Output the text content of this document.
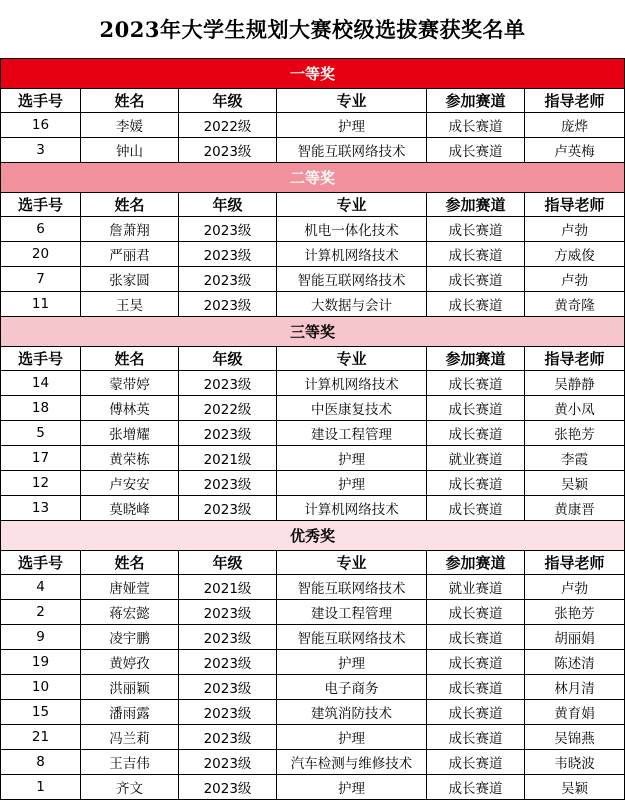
2023年大学生规划大赛校级选拔赛获奖名单
一等奖					
选手号	姓名	年级	专业	参加赛道	指导老师
16	李媛	2022级	护理	成长赛道	庞烨
3	钟山	2023级	智能互联网络技术	成长赛道	卢英梅
二等奖					
选手号	姓名	年级	专业	参加赛道	指导老师
6	詹萧翔	2023级	机电一体化技术	成长赛道	卢勃
20	严丽君	2023级	计算机网络技术	成长赛道	方威俊
7	张家圆	2023级	智能互联网络技术	成长赛道	卢勃
11	王昊	2023级	大数据与会计	成长赛道	黄奇隆
三等奖					
选手号	姓名	年级	专业	参加赛道	指导老师
14	蒙带婷	2023级	计算机网络技术	成长赛道	吴静静
18	傅林英	2022级	中医康复技术	成长赛道	黄小凤
5	张增耀	2023级	建设工程管理	成长赛道	张艳芳
17	黄荣栋	2021级	护理	就业赛道	李霞
12	卢安安	2023级	护理	成长赛道	吴颖
13	莫晓峰	2023级	计算机网络技术	成长赛道	黄康晋
优秀奖					
选手号	姓名	年级	专业	参加赛道	指导老师
4	唐娅萱	2021级	智能互联网络技术	就业赛道	卢勃
2	蒋宏懿	2023级	建设工程管理	成长赛道	张艳芳
9	凌宇鹏	2023级	智能互联网络技术	成长赛道	胡丽娟
19	黄婷孜	2023级	护理	成长赛道	陈述清
10	洪丽颖	2023级	电子商务	成长赛道	林月清
15	潘雨露	2023级	建筑消防技术	成长赛道	黄育娟
21	冯兰莉	2023级	护理	成长赛道	吴锦燕
8	王吉伟	2023级	汽车检测与维修技术	成长赛道	韦晓波
1	齐文	2023级	护理	成长赛道	吴颖
